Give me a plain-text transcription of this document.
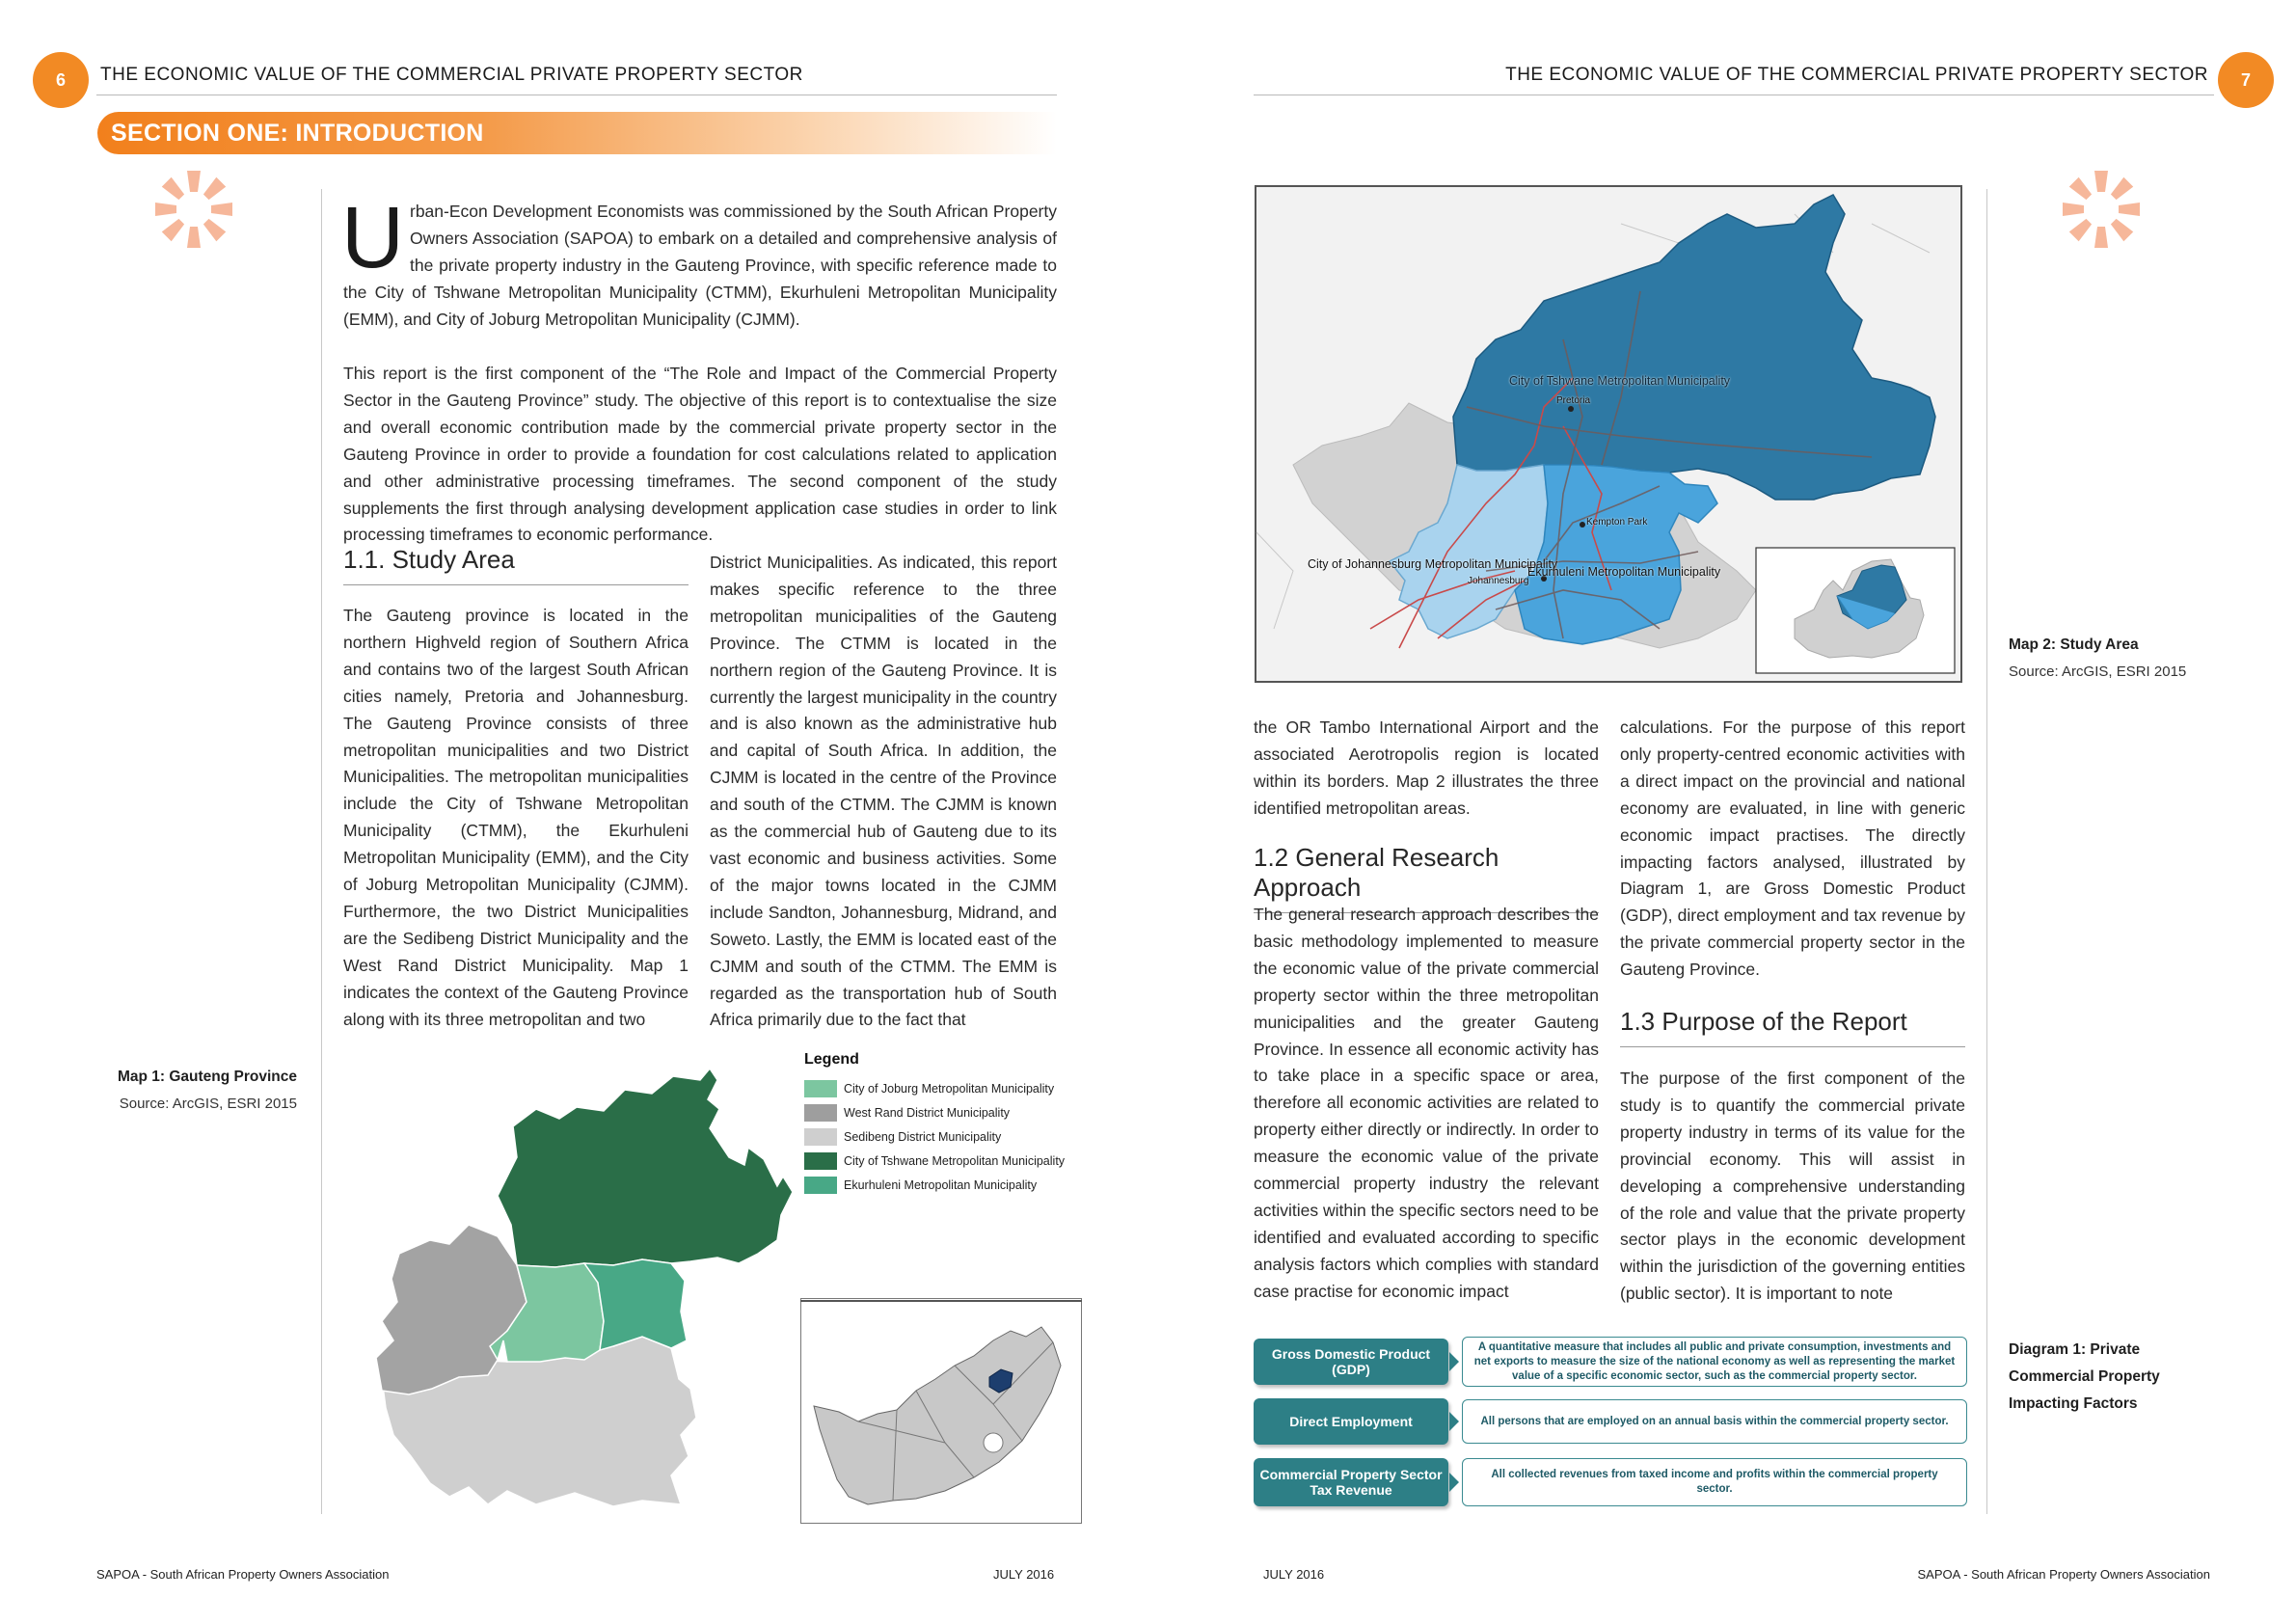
6	THE ECONOMIC VALUE OF THE COMMERCIAL PRIVATE PROPERTY SECTOR
SECTION ONE: INTRODUCTION
U rban-Econ Development Economists was commissioned by the South African Property Owners Association (SAPOA) to embark on a detailed and comprehensive analysis of the private property industry in the Gauteng Province, with specific reference made to the City of Tshwane Metropolitan Municipality (CTMM), Ekurhuleni Metropolitan Municipality (EMM), and City of Joburg Metropolitan Municipality (CJMM).

This report is the first component of the “The Role and Impact of the Commercial Property Sector in the Gauteng Province” study. The objective of this report is to contextualise the size and overall economic contribution made by the commercial private property sector in the Gauteng Province in order to provide a foundation for cost calculations related to application and other administrative processing timeframes. The second component of the study supplements the first through analysing development application case studies in order to link processing timeframes to economic performance.

1.1. Study Area

The Gauteng province is located in the northern Highveld region of Southern Africa and contains two of the largest South African cities namely, Pretoria and Johannesburg. The Gauteng Province consists of three metropolitan municipalities and two District Municipalities. The metropolitan municipalities include the City of Tshwane Metropolitan Municipality (CTMM), the Ekurhuleni Metropolitan Municipality (EMM), and the City of Joburg Metropolitan Municipality (CJMM). Furthermore, the two District Municipalities are the Sedibeng District Municipality and the West Rand District Municipality. Map 1 indicates the context of the Gauteng Province along with its three metropolitan and two

District Municipalities. As indicated, this report makes specific reference to the three metropolitan municipalities of the Gauteng Province. The CTMM is located in the northern region of the Gauteng Province. It is currently the largest municipality in the country and is also known as the administrative hub and capital of South Africa. In addition, the CJMM is located in the centre of the Province and south of the CTMM. The CJMM is known as the commercial hub of Gauteng due to its vast economic and business activities. Some of the major towns located in the CJMM include Sandton, Johannesburg, Midrand, and Soweto. Lastly, the EMM is located east of the CJMM and south of the CTMM. The EMM is regarded as the transportation hub of South Africa primarily due to the fact that

Map 1: Gauteng Province
Source: ArcGIS, ESRI 2015
Legend
City of Joburg Metropolitan Municipality
West Rand District Municipality
Sedibeng District Municipality
City of Tshwane Metropolitan Municipality
Ekurhuleni Metropolitan Municipality
SAPOA - South African Property Owners Association	JULY 2016
THE ECONOMIC VALUE OF THE COMMERCIAL PRIVATE PROPERTY SECTOR	7
City of Tshwane Metropolitan Municipality
Pretoria
Kempton Park
City of Johannesburg Metropolitan Municipality
Johannesburg
Ekurhuleni Metropolitan Municipality
Map 2: Study Area
Source: ArcGIS, ESRI 2015

the OR Tambo International Airport and the associated Aerotropolis region is located within its borders. Map 2 illustrates the three identified metropolitan areas.

1.2 General Research Approach

The general research approach describes the basic methodology implemented to measure the economic value of the private commercial property sector within the three metropolitan municipalities and the greater Gauteng Province. In essence all economic activity has to take place in a specific space or area, therefore all economic activities are related to property either directly or indirectly. In order to measure the economic value of the private commercial property industry the relevant activities within the specific sectors need to be identified and evaluated according to specific analysis factors which complies with standard case practise for economic impact

calculations. For the purpose of this report only property-centred economic activities with a direct impact on the provincial and national economy are evaluated, in line with generic economic impact practises. The directly impacting factors analysed, illustrated by Diagram 1, are Gross Domestic Product (GDP), direct employment and tax revenue by the private commercial property sector in the Gauteng Province.

1.3 Purpose of the Report

The purpose of the first component of the study is to quantify the commercial private property industry in terms of its value for the provincial economy. This will assist in developing a comprehensive understanding of the role and value that the private property sector plays in the economic development within the jurisdiction of the governing entities (public sector). It is important to note

Gross Domestic Product (GDP)
A quantitative measure that includes all public and private consumption, investments and net exports to measure the size of the national economy as well as representing the market value of a specific economic sector, such as the commercial property sector.
Direct Employment	All persons that are employed on an annual basis within the commercial property sector.
Commercial Property Sector Tax Revenue
All collected revenues from taxed income and profits within the commercial property sector.
Diagram 1: Private Commercial Property Impacting Factors
JULY 2016	SAPOA - South African Property Owners Association
